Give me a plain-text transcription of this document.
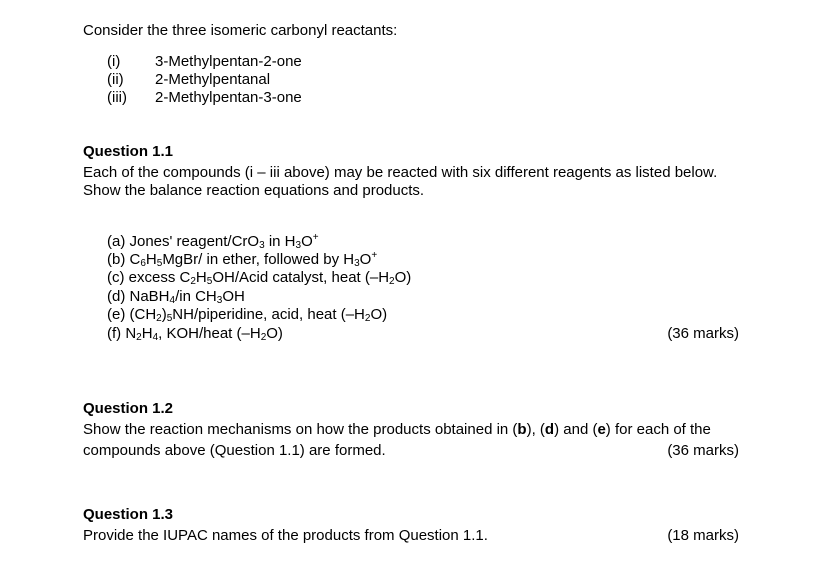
Consider the three isomeric carbonyl reactants:
(i) 3-Methylpentan-2-one
(ii) 2-Methylpentanal
(iii) 2-Methylpentan-3-one
Question 1.1
Each of the compounds (i – iii above) may be reacted with six different reagents as listed below.
Show the balance reaction equations and products.
(a) Jones' reagent/CrO$_3$ in $H_3O^+$
(b) $C_6H_5MgBr/$ in ether, followed by $H_3O^+$
(c) excess $C_2H_5OH$/Acid catalyst, heat $(-H_2O)$
(d) NaBH$_4$/in $CH_3OH$
(e) $(CH_2)_5NH$/piperidine, acid, heat $(-H_2O)$
(f) $N_2H_4$, KOH/heat $(-H_2O)$	(36 marks)
Question 1.2
Show the reaction mechanisms on how the products obtained in (b), (d) and (e) for each of the
compounds above (Question 1.1) are formed.	(36 marks)
Question 1.3
Provide the IUPAC names of the products from Question 1.1.	(18 marks)
